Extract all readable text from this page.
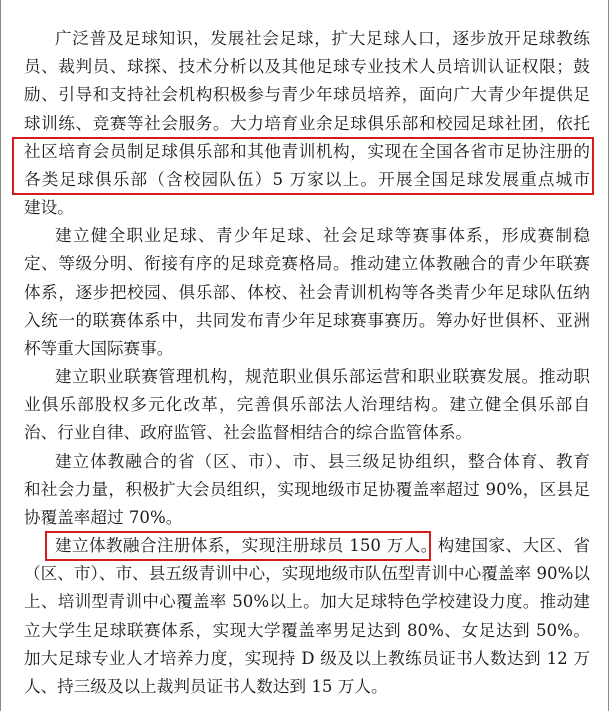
广泛普及足球知识，发展社会足球，扩大足球人口，逐步放开足球教练
员、裁判员、球探、技术分析以及其他足球专业技术人员培训认证权限；鼓
励、引导和支持社会机构积极参与青少年球员培养，面向广大青少年提供足
球训练、竞赛等社会服务。大力培育业余足球俱乐部和校园足球社团，依托
社区培育会员制足球俱乐部和其他青训机构，实现在全国各省市足协注册的
各类足球俱乐部（含校园队伍）5 万家以上。开展全国足球发展重点城市
建设。
建立健全职业足球、青少年足球、社会足球等赛事体系，形成赛制稳
定、等级分明、衔接有序的足球竞赛格局。推动建立体教融合的青少年联赛
体系，逐步把校园、俱乐部、体校、社会青训机构等各类青少年足球队伍纳
入统一的联赛体系中，共同发布青少年足球赛事赛历。筹办好世俱杯、亚洲
杯等重大国际赛事。
建立职业联赛管理机构，规范职业俱乐部运营和职业联赛发展。推动职
业俱乐部股权多元化改革，完善俱乐部法人治理结构。建立健全俱乐部自
治、行业自律、政府监管、社会监督相结合的综合监管体系。
建立体教融合的省（区、市）、市、县三级足协组织，整合体育、教育
和社会力量，积极扩大会员组织，实现地级市足协覆盖率超过 90%，区县足
协覆盖率超过 70%。
建立体教融合注册体系，实现注册球员 150 万人。构建国家、大区、省
（区、市）、市、县五级青训中心，实现地级市队伍型青训中心覆盖率 90%以
上、培训型青训中心覆盖率 50%以上。加大足球特色学校建设力度。推动建
立大学生足球联赛体系，实现大学覆盖率男足达到 80%、女足达到 50%。
加大足球专业人才培养力度，实现持 D 级及以上教练员证书人数达到 12 万
人、持三级及以上裁判员证书人数达到 15 万人。
